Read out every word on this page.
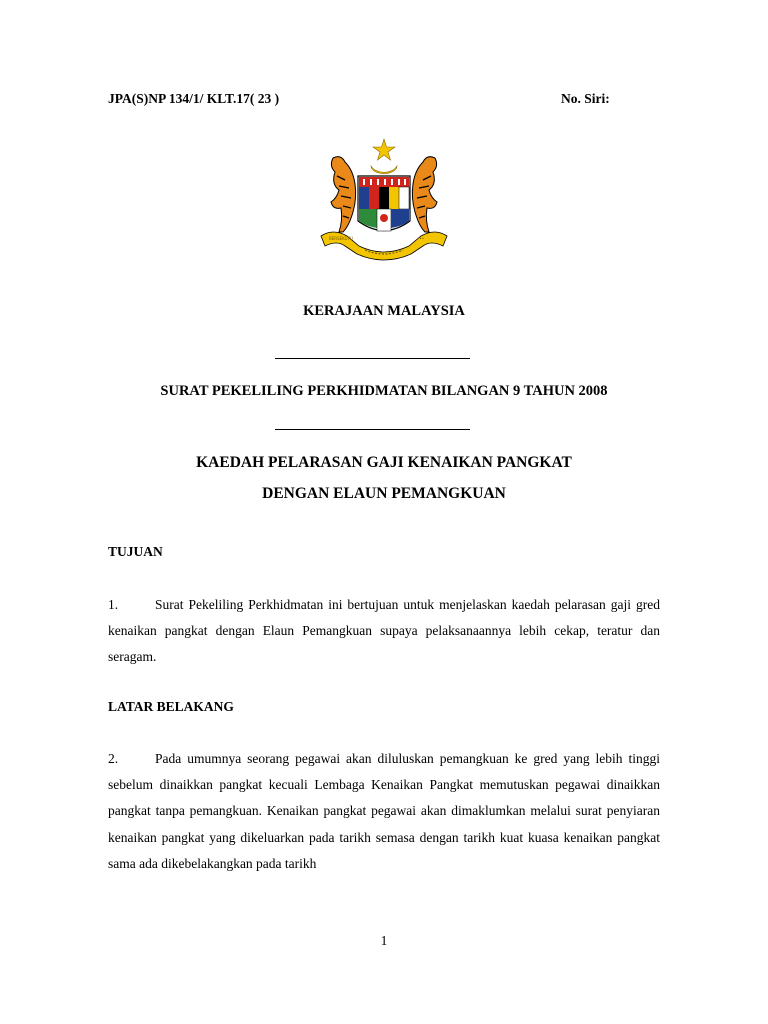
JPA(S)NP 134/1/ KLT.17( 23 )	No. Siri:
BERSEKUTU	•••
KERAJAAN MALAYSIA
SURAT PEKELILING PERKHIDMATAN BILANGAN 9 TAHUN 2008
KAEDAH PELARASAN GAJI KENAIKAN PANGKAT
DENGAN ELAUN PEMANGKUAN
TUJUAN
1.	Surat Pekeliling Perkhidmatan ini bertujuan untuk menjelaskan kaedah pelarasan gaji gred kenaikan pangkat dengan Elaun Pemangkuan supaya pelaksanaannya lebih cekap, teratur dan seragam.
LATAR BELAKANG
2.	Pada umumnya seorang pegawai akan diluluskan pemangkuan ke gred yang lebih tinggi sebelum dinaikkan pangkat kecuali Lembaga Kenaikan Pangkat memutuskan pegawai dinaikkan pangkat tanpa pemangkuan. Kenaikan pangkat pegawai akan dimaklumkan melalui surat penyiaran kenaikan pangkat yang dikeluarkan pada tarikh semasa dengan tarikh kuat kuasa kenaikan pangkat sama ada dikebelakangkan pada tarikh
1
